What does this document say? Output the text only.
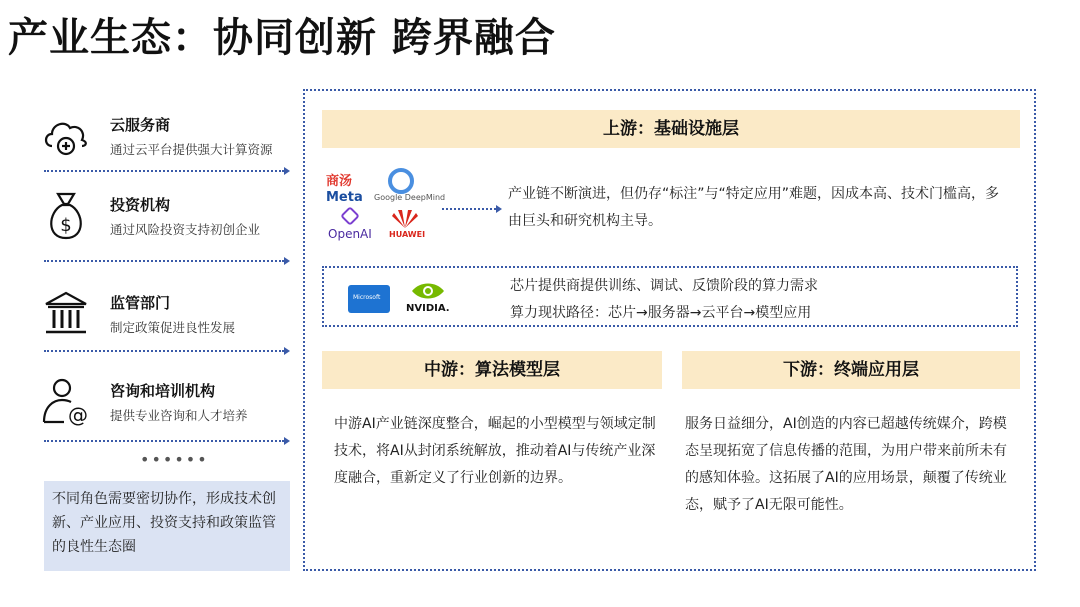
产业生态：协同创新 跨界融合
云服务商
通过云平台提供强大计算资源
$
投资机构
通过风险投资支持初创企业
监管部门
制定政策促进良性发展
@
咨询和培训机构
提供专业咨询和人才培养
••••••
不同角色需要密切协作，形成技术创新、产业应用、投资支持和政策监管的良性生态圈
上游：基础设施层
商汤
Meta Google DeepMind
OpenAI HUAWEI
产业链不断演进，但仍存“标注”与“特定应用”难题，因成本高、技术门槛高，多由巨头和研究机构主导。
Microsoft
NVIDIA.
芯片提供商提供训练、调试、反馈阶段的算力需求
算力现状路径：芯片→服务器→云平台→模型应用
中游：算法模型层
中游AI产业链深度整合，崛起的小型模型与领域定制技术，将AI从封闭系统解放，推动着AI与传统产业深度融合，重新定义了行业创新的边界。
下游：终端应用层
服务日益细分，AI创造的内容已超越传统媒介，跨模态呈现拓宽了信息传播的范围，为用户带来前所未有的感知体验。这拓展了AI的应用场景，颠覆了传统业态，赋予了AI无限可能性。
